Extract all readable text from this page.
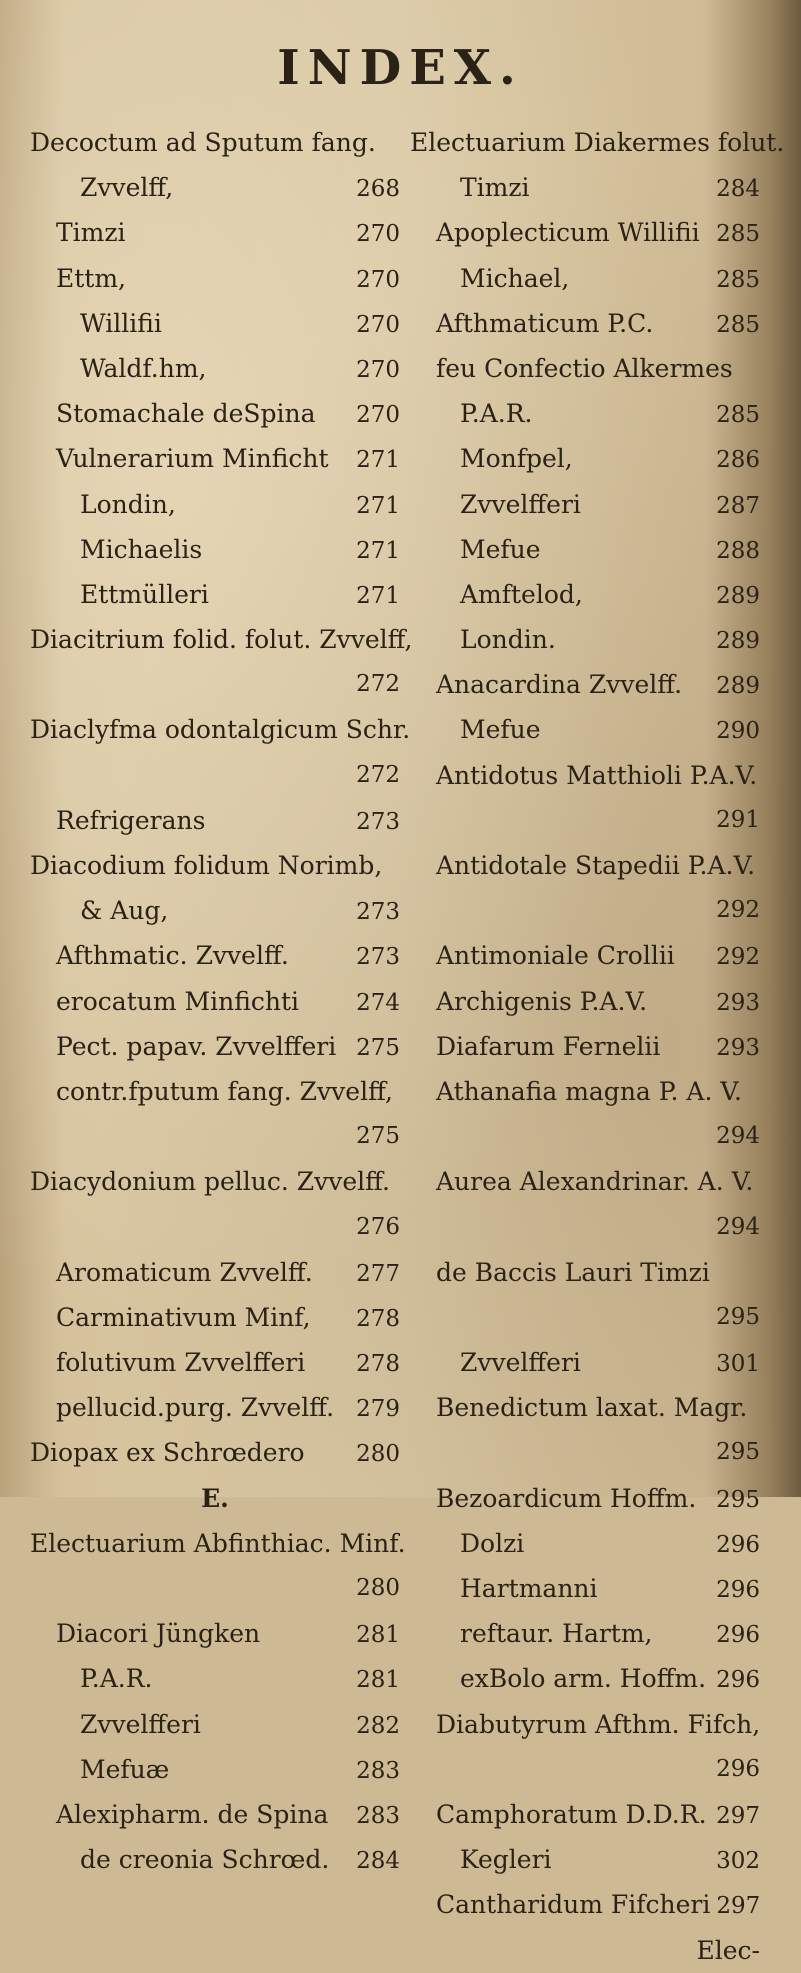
INDEX.
Decoctum ad Sputum fang.
Zvvelff,	268
Timzi	270
Ettm,	270
Willifii	270
Waldf.hm,	270
Stomachale deSpina 270
Vulnerarium Minficht 271
Londin,	271
Michaelis	271
Ettmülleri	271
Diacitrium folid. folut. Zvvelff,
272
Diaclyfma odontalgicum Schr.
272
Refrigerans	273
Diacodium folidum Norimb,
& Aug,	273
Afthmatic. Zvvelff.	273
erocatum Minfichti 274
Pect. papav. Zvvelfferi 275
contr.fputum fang. Zvvelff,
275
Diacydonium pelluc. Zvvelff.
276
Aromaticum Zvvelff. 277
Carminativum Minf, 278
folutivum Zvvelfferi 278
pellucid.purg. Zvvelff. 279
Diopax ex Schrœdero 280
E.
Electuarium Abfinthiac. Minf.
280
Diacori Jüngken	281
P.A.R.	281
Zvvelfferi	282
Mefuæ	283
Alexipharm. de Spina 283
de creonia Schrœd. 284
Electuarium Diakermes folut.
Timzi	284
Apoplecticum Willifii 285
Michael,	285
Afthmaticum P.C.	285
feu Confectio Alkermes
P.A.R.	285
Monfpel,	286
Zvvelfferi	287
Mefue	288
Amftelod,	289
Londin.	289
Anacardina Zvvelff. 289
Mefue	290
Antidotus Matthioli P.A.V.
291
Antidotale Stapedii P.A.V.
292
Antimoniale Crollii 292
Archigenis P.A.V.	293
Diafarum Fernelii 293
Athanafia magna P. A. V.
294
Aurea Alexandrinar. A. V.
294
de Baccis Lauri Timzi
295
Zvvelfferi	301
Benedictum laxat. Magr.
295
Bezoardicum Hoffm. 295
Dolzi	296
Hartmanni	296
reftaur. Hartm,	296
exBolo arm. Hoffm. 296
Diabutyrum Afthm. Fifch,
296
Camphoratum D.D.R. 297
Kegleri	302
Cantharidum Fifcheri 297
Elec-
